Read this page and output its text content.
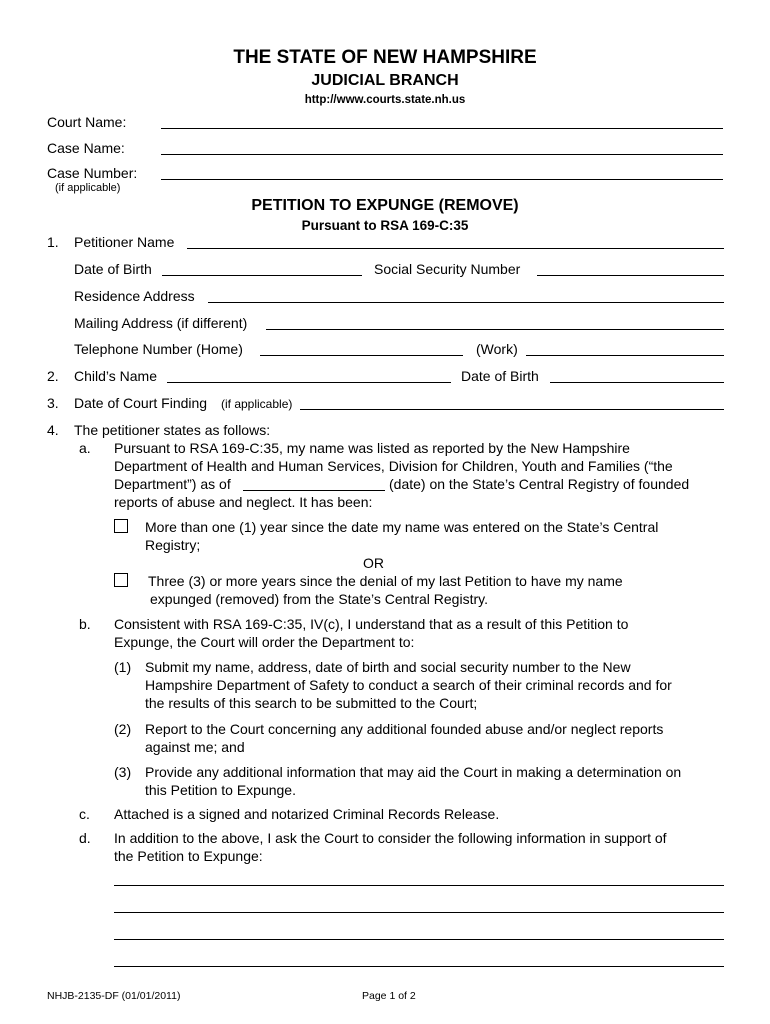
THE STATE OF NEW HAMPSHIRE
JUDICIAL BRANCH
http://www.courts.state.nh.us
Court Name:
Case Name:
Case Number:
(if applicable)
PETITION TO EXPUNGE (REMOVE)
Pursuant to RSA 169-C:35
1. Petitioner Name
Date of Birth	Social Security Number
Residence Address
Mailing Address (if different)
Telephone Number (Home)	(Work)
2. Child’s Name	Date of Birth
3. Date of Court Finding (if applicable)
4. The petitioner states as follows:
a. Pursuant to RSA 169-C:35, my name was listed as reported by the New Hampshire
Department of Health and Human Services, Division for Children, Youth and Families (“the
Department”) as of	(date) on the State’s Central Registry of founded
reports of abuse and neglect. It has been:
More than one (1) year since the date my name was entered on the State’s Central
Registry;
OR
Three (3) or more years since the denial of my last Petition to have my name
expunged (removed) from the State’s Central Registry.
b. Consistent with RSA 169-C:35, IV(c), I understand that as a result of this Petition to
Expunge, the Court will order the Department to:
(1) Submit my name, address, date of birth and social security number to the New
Hampshire Department of Safety to conduct a search of their criminal records and for
the results of this search to be submitted to the Court;
(2) Report to the Court concerning any additional founded abuse and/or neglect reports
against me; and
(3) Provide any additional information that may aid the Court in making a determination on
this Petition to Expunge.
c. Attached is a signed and notarized Criminal Records Release.
d. In addition to the above, I ask the Court to consider the following information in support of
the Petition to Expunge:
NHJB-2135-DF (01/01/2011)	Page 1 of 2
